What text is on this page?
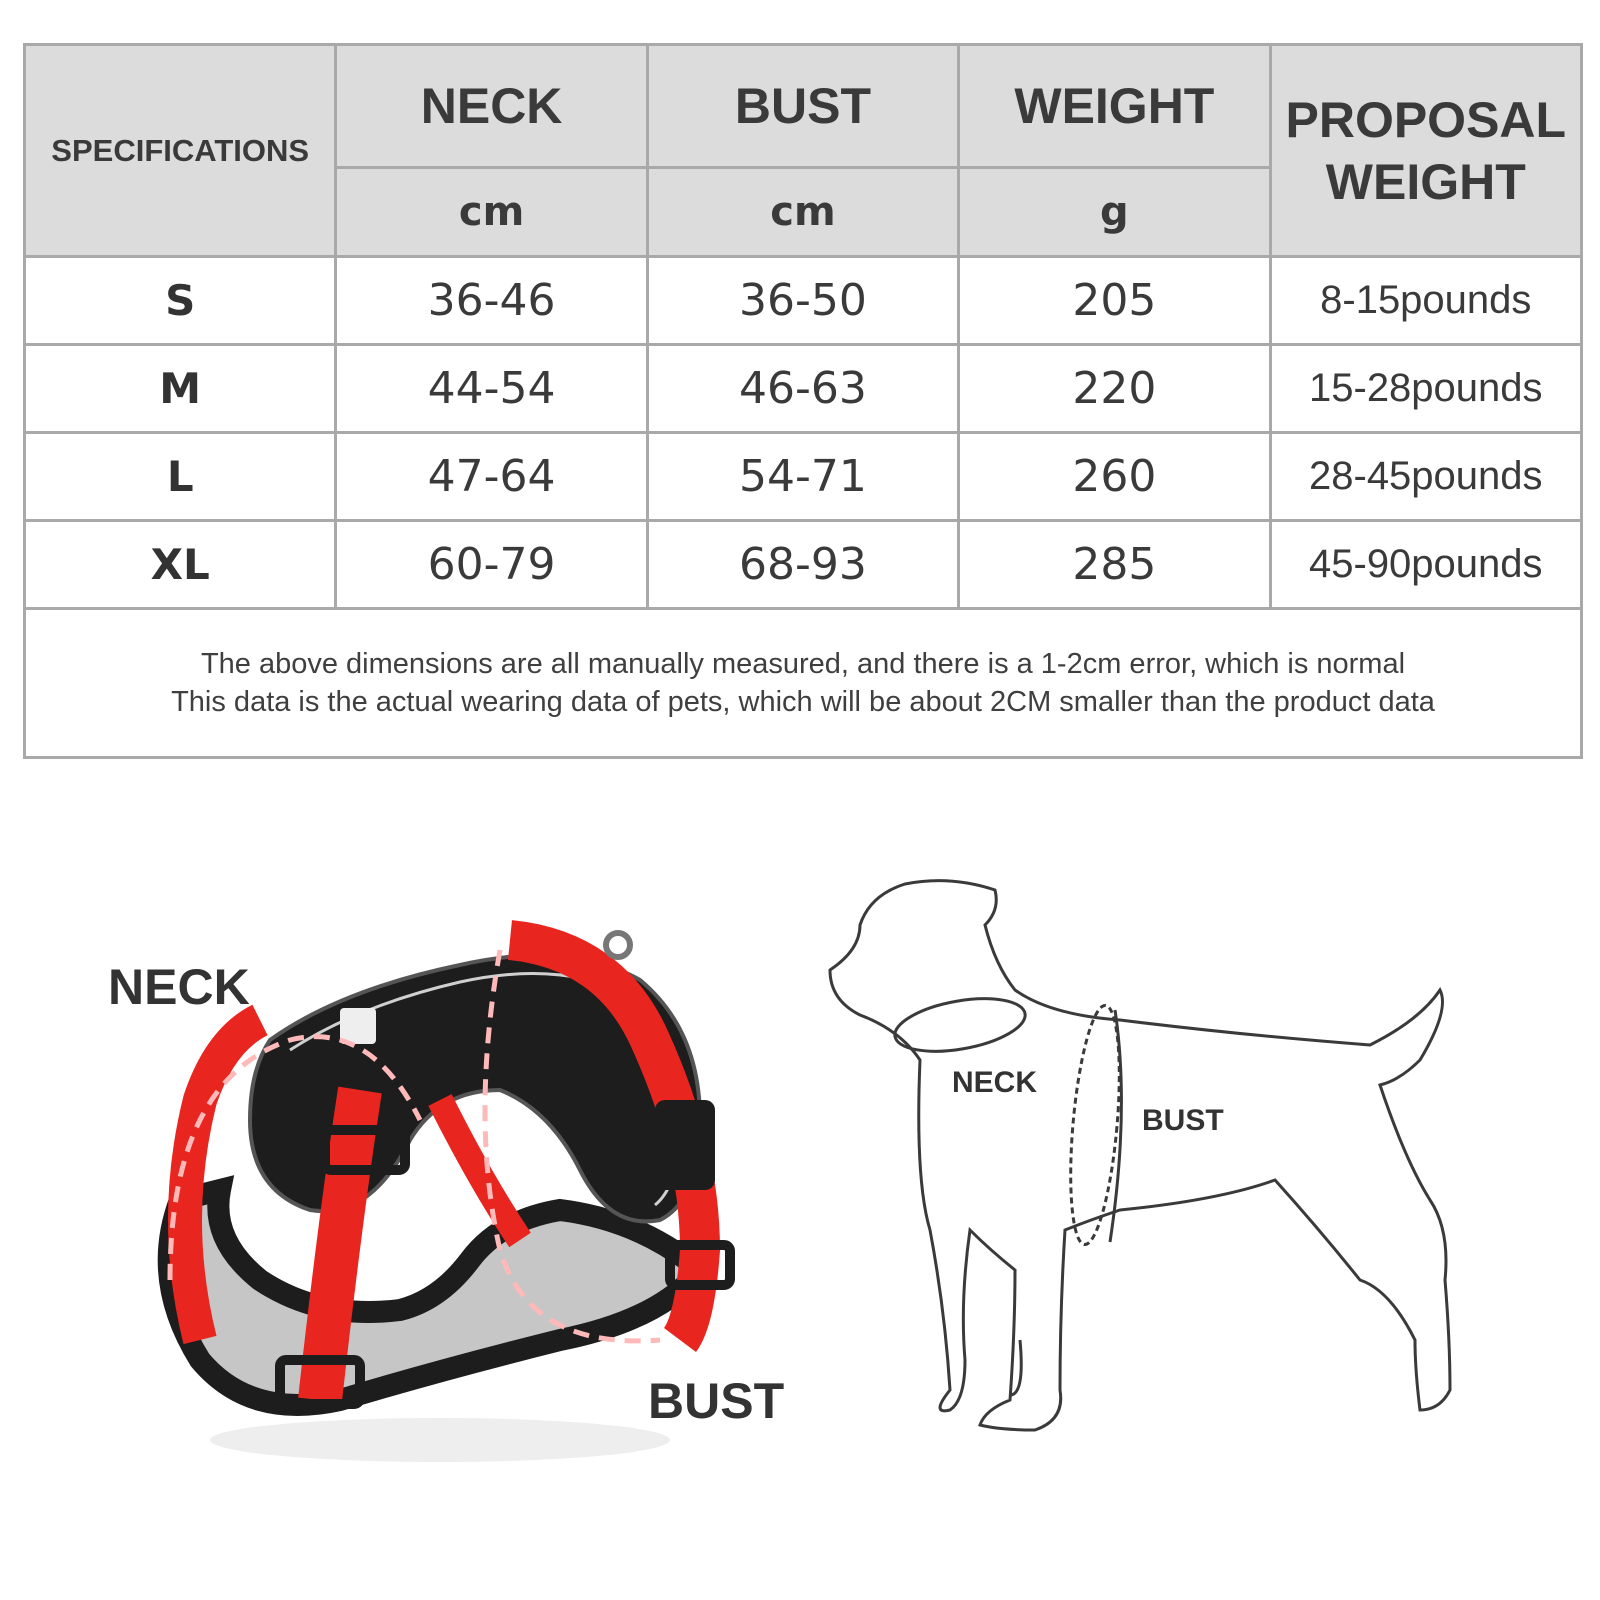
SPECIFICATIONS	NECK	BUST	WEIGHT	PROPOSAL
WEIGHT
	cm	cm	g	
S	36-46	36-50	205	8-15pounds
M	44-54	46-63	220	15-28pounds
L	47-64	54-71	260	28-45pounds
XL	60-79	68-93	285	45-90pounds
The above dimensions are all manually measured, and there is a 1-2cm error, which is normal
This data is the actual wearing data of pets, which will be about 2CM smaller than the product data				
NECK
BUST
NECK
BUST
